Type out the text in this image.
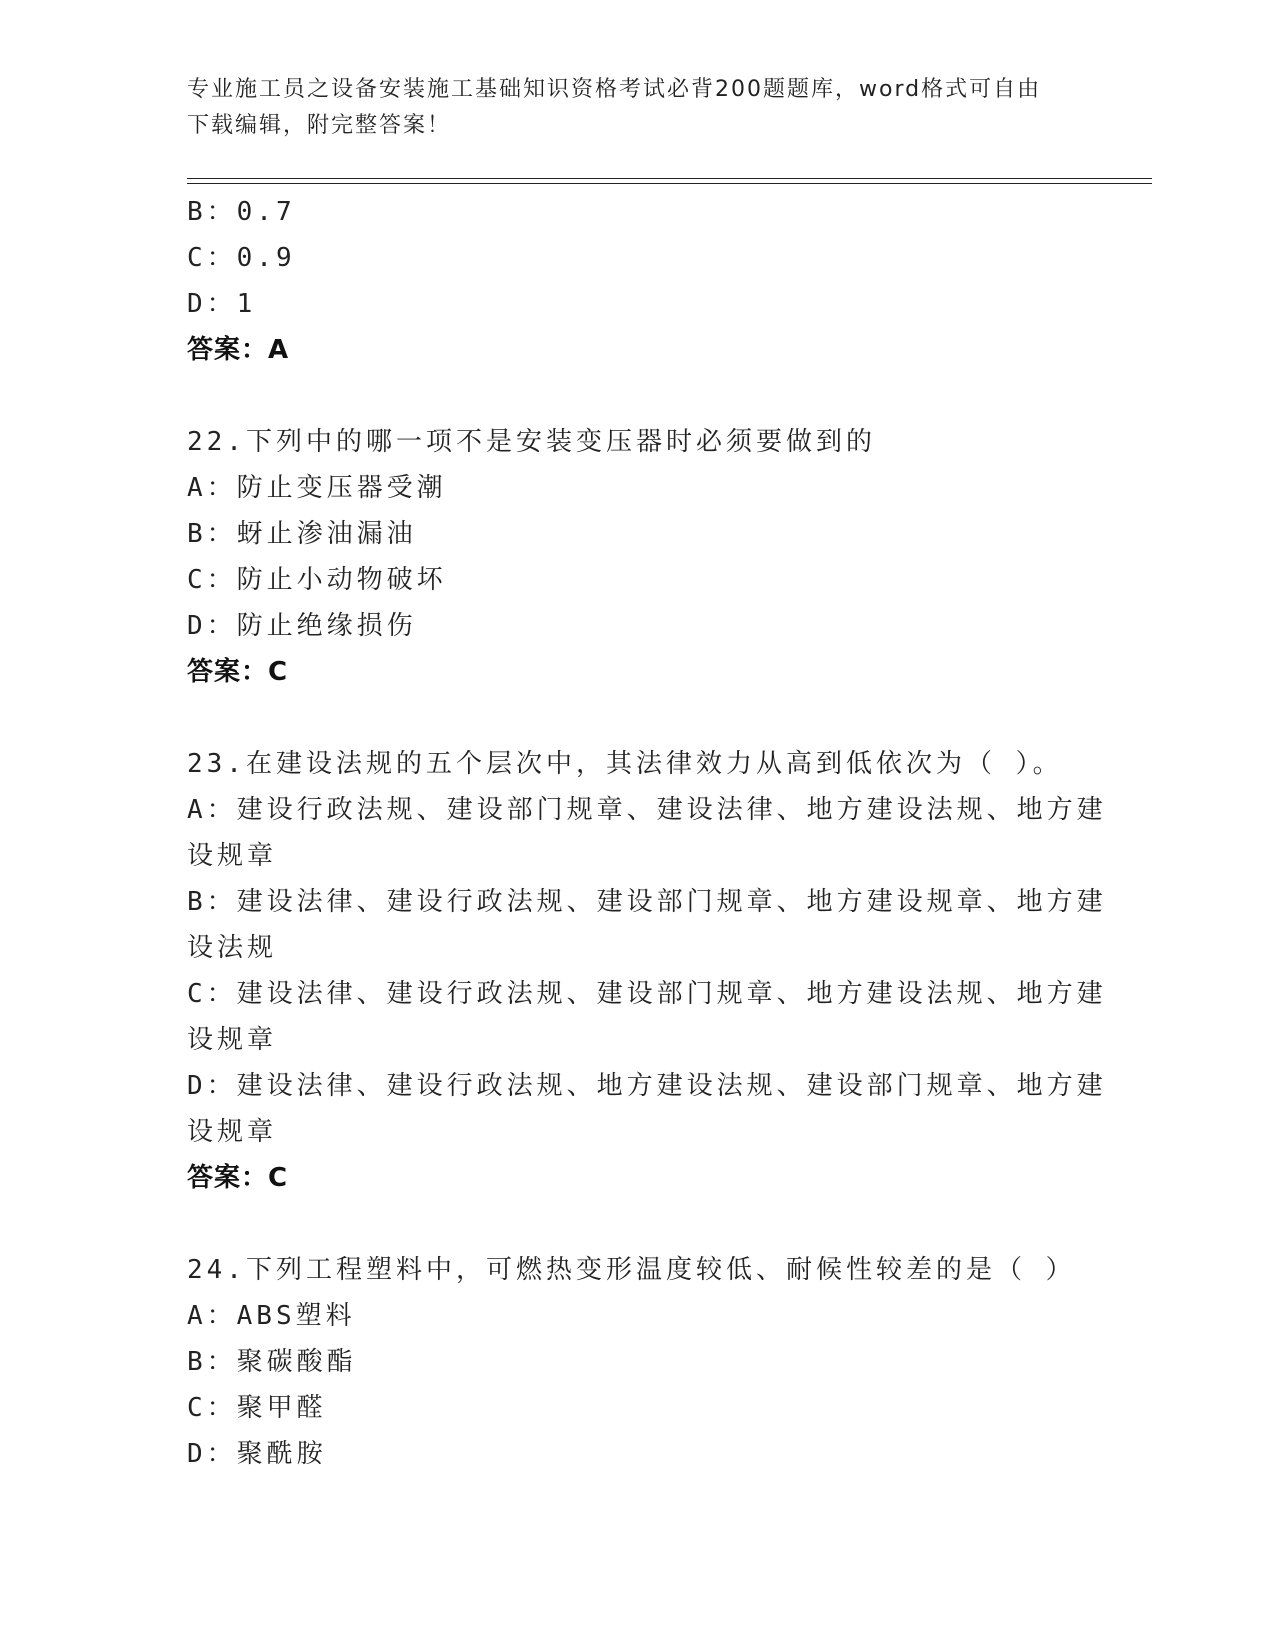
专业施工员之设备安装施工基础知识资格考试必背200题题库，word格式可自由
下载编辑，附完整答案！
B：0.7
C：0.9
D：1
答案：A
22.下列中的哪一项不是安装变压器时必须要做到的
A：防止变压器受潮
B：蚜止渗油漏油
C：防止小动物破坏
D：防止绝缘损伤
答案：C
23.在建设法规的五个层次中，其法律效力从高到低依次为（ ）。
A：建设行政法规、建设部门规章、建设法律、地方建设法规、地方建
设规章
B：建设法律、建设行政法规、建设部门规章、地方建设规章、地方建
设法规
C：建设法律、建设行政法规、建设部门规章、地方建设法规、地方建
设规章
D：建设法律、建设行政法规、地方建设法规、建设部门规章、地方建
设规章
答案：C
24.下列工程塑料中，可燃热变形温度较低、耐候性较差的是（ ）
A：ABS塑料
B：聚碳酸酯
C：聚甲醛
D：聚酰胺
